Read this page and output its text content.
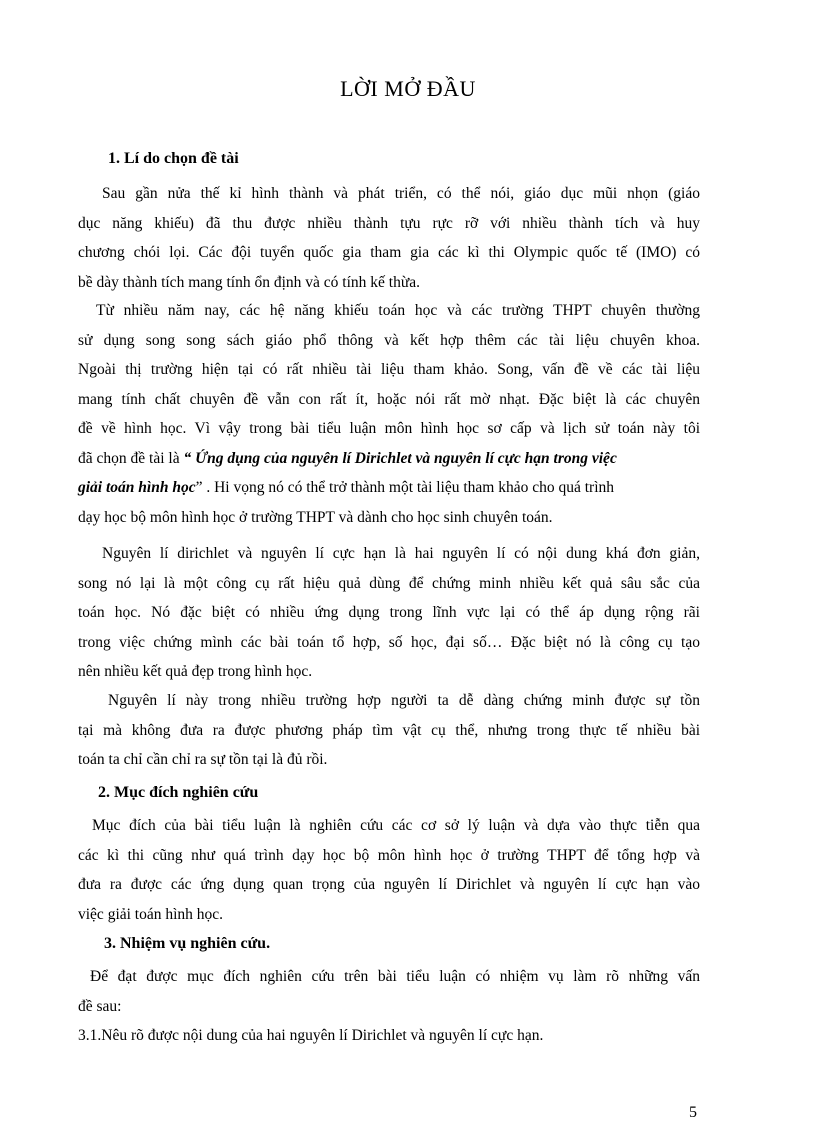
LỜI MỞ ĐẦU
1. Lí do chọn đề tài
Sau gần nửa thế kỉ hình thành và phát triển, có thể nói, giáo dục mũi nhọn (giáo
dục năng khiếu) đã thu được nhiều thành tựu rực rỡ với nhiều thành tích và huy
chương chói lọi. Các đội tuyển quốc gia tham gia các kì thi Olympic quốc tế (IMO) có
bề dày thành tích mang tính ổn định và có tính kế thừa.
Từ nhiều năm nay, các hệ năng khiếu toán học và các trường THPT chuyên thường
sử dụng song song sách giáo phổ thông và kết hợp thêm các tài liệu chuyên khoa.
Ngoài thị trường hiện tại có rất nhiều tài liệu tham khảo. Song, vấn đề về các tài liệu
mang tính chất chuyên đề vẫn con rất ít, hoặc nói rất mờ nhạt. Đặc biệt là các chuyên
đề về hình học. Vì vậy trong bài tiểu luận môn hình học sơ cấp và lịch sử toán này tôi
đã chọn đề tài là “ Ứng dụng của nguyên lí Dirichlet và nguyên lí cực hạn trong việc
giải toán hình học” . Hi vọng nó có thể trở thành một tài liệu tham khảo cho quá trình
dạy học bộ môn hình học ở trường THPT và dành cho học sinh chuyên toán.
Nguyên lí dirichlet và nguyên lí cực hạn là hai nguyên lí có nội dung khá đơn giản,
song nó lại là một công cụ rất hiệu quả dùng để chứng minh nhiều kết quả sâu sắc của
toán học. Nó đặc biệt có nhiều ứng dụng trong lĩnh vực lại có thể áp dụng rộng rãi
trong việc chứng mình các bài toán tổ hợp, số học, đại số… Đặc biệt nó là công cụ tạo
nên nhiều kết quả đẹp trong hình học.
Nguyên lí này trong nhiều trường hợp người ta dễ dàng chứng minh được sự tồn
tại mà không đưa ra được phương pháp tìm vật cụ thể, nhưng trong thực tế nhiều bài
toán ta chỉ cần chỉ ra sự tồn tại là đủ rồi.
2. Mục đích nghiên cứu
Mục đích của bài tiểu luận là nghiên cứu các cơ sở lý luận và dựa vào thực tiễn qua
các kì thi cũng như quá trình dạy học bộ môn hình học ở trường THPT để tổng hợp và
đưa ra được các ứng dụng quan trọng của nguyên lí Dirichlet và nguyên lí cực hạn vào
việc giải toán hình học.
3. Nhiệm vụ nghiên cứu.
Để đạt được mục đích nghiên cứu trên bài tiểu luận có nhiệm vụ làm rõ những vấn
đề sau:
3.1.Nêu rõ được nội dung của hai nguyên lí Dirichlet và nguyên lí cực hạn.
5
